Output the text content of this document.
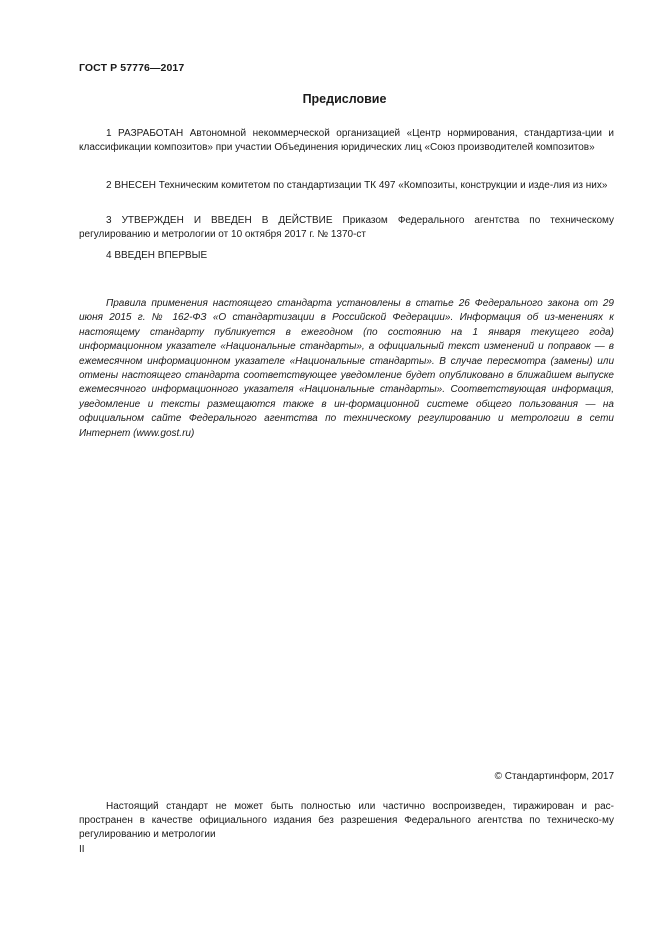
ГОСТ Р 57776—2017
Предисловие

1 РАЗРАБОТАН Автономной некоммерческой организацией «Центр нормирования, стандартиза-ции и классификации композитов» при участии Объединения юридических лиц «Союз производителей композитов»

2 ВНЕСЕН Техническим комитетом по стандартизации ТК 497 «Композиты, конструкции и изде-лия из них»

3 УТВЕРЖДЕН И ВВЕДЕН В ДЕЙСТВИЕ Приказом Федерального агентства по техническому регулированию и метрологии от 10 октября 2017 г. № 1370-ст

4 ВВЕДЕН ВПЕРВЫЕ

Правила применения настоящего стандарта установлены в статье 26 Федерального закона от 29 июня 2015 г. № 162-ФЗ «О стандартизации в Российской Федерации». Информация об из-менениях к настоящему стандарту публикуется в ежегодном (по состоянию на 1 января текущего года) информационном указателе «Национальные стандарты», а официальный текст изменений и поправок — в ежемесячном информационном указателе «Национальные стандарты». В случае пересмотра (замены) или отмены настоящего стандарта соответствующее уведомление будет опубликовано в ближайшем выпуске ежемесячного информационного указателя «Национальные стандарты». Соответствующая информация, уведомление и тексты размещаются также в ин-формационной системе общего пользования — на официальном сайте Федерального агентства по техническому регулированию и метрологии в сети Интернет (www.gost.ru)

© Стандартинформ, 2017

Настоящий стандарт не может быть полностью или частично воспроизведен, тиражирован и рас-пространен в качестве официального издания без разрешения Федерального агентства по техническо-му регулированию и метрологии

II
